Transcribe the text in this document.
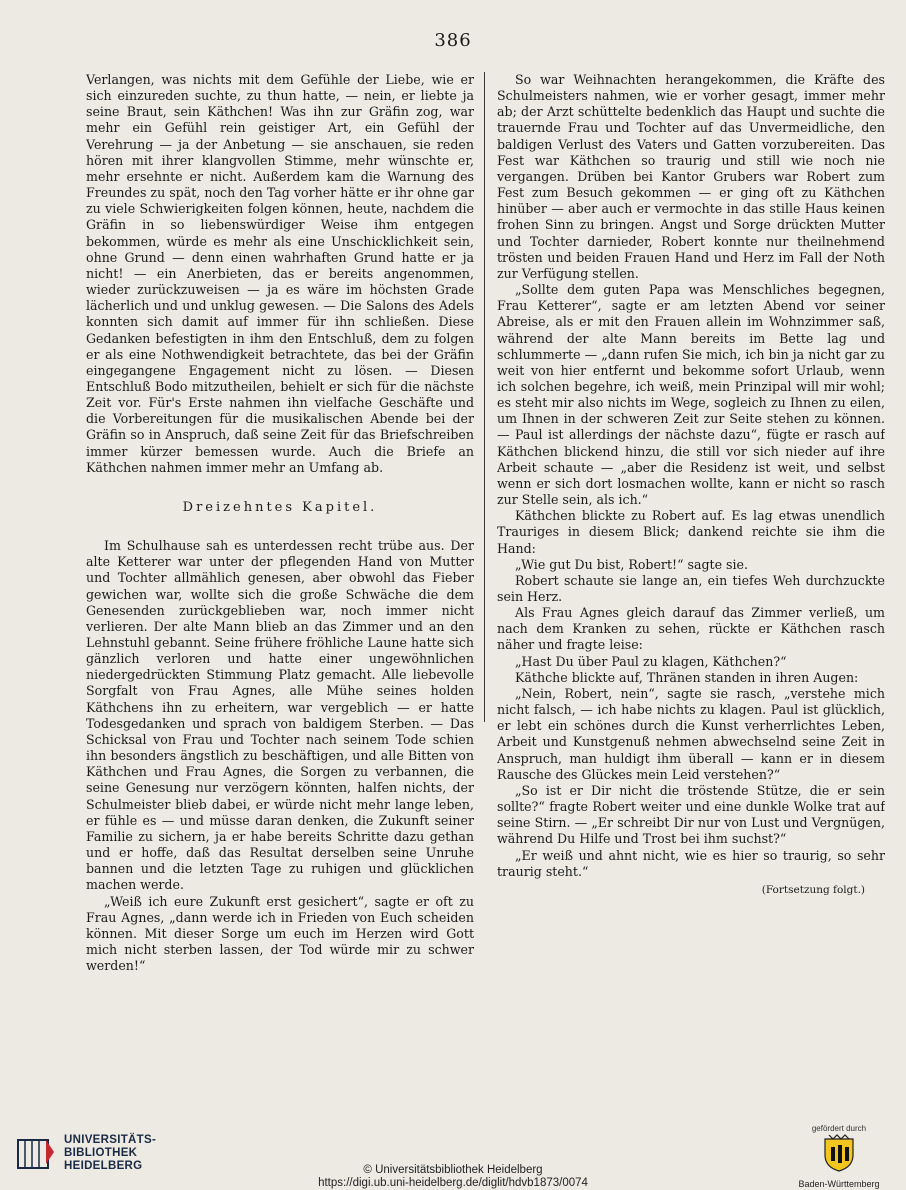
386

Verlangen, was nichts mit dem Gefühle der Liebe, wie er sich einzureden suchte, zu thun hatte, — nein, er liebte ja seine Braut, sein Käthchen! Was ihn zur Gräfin zog, war mehr ein Gefühl rein geistiger Art, ein Gefühl der Verehrung — ja der Anbetung — sie anschauen, sie reden hören mit ihrer klangvollen Stimme, mehr wünschte er, mehr ersehnte er nicht. Außerdem kam die Warnung des Freundes zu spät, noch den Tag vorher hätte er ihr ohne gar zu viele Schwierigkeiten folgen können, heute, nachdem die Gräfin in so liebenswürdiger Weise ihm entgegen bekommen, würde es mehr als eine Unschicklichkeit sein, ohne Grund — denn einen wahrhaften Grund hatte er ja nicht! — ein Anerbieten, das er bereits angenommen, wieder zurückzuweisen — ja es wäre im höchsten Grade lächerlich und und unklug gewesen. — Die Salons des Adels konnten sich damit auf immer für ihn schließen. Diese Gedanken befestigten in ihm den Entschluß, dem zu folgen er als eine Nothwendigkeit betrachtete, das bei der Gräfin eingegangene Engagement nicht zu lösen. — Diesen Entschluß Bodo mitzutheilen, behielt er sich für die nächste Zeit vor. Für's Erste nahmen ihn vielfache Geschäfte und die Vorbereitungen für die musikalischen Abende bei der Gräfin so in Anspruch, daß seine Zeit für das Briefschreiben immer kürzer bemessen wurde. Auch die Briefe an Käthchen nahmen immer mehr an Umfang ab.

Dreizehntes Kapitel.

Im Schulhause sah es unterdessen recht trübe aus. Der alte Ketterer war unter der pflegenden Hand von Mutter und Tochter allmählich genesen, aber obwohl das Fieber gewichen war, wollte sich die große Schwäche die dem Genesenden zurückgeblieben war, noch immer nicht verlieren. Der alte Mann blieb an das Zimmer und an den Lehnstuhl gebannt. Seine frühere fröhliche Laune hatte sich gänzlich verloren und hatte einer ungewöhnlichen niedergedrückten Stimmung Platz gemacht. Alle liebevolle Sorgfalt von Frau Agnes, alle Mühe seines holden Käthchens ihn zu erheitern, war vergeblich — er hatte Todesgedanken und sprach von baldigem Sterben. — Das Schicksal von Frau und Tochter nach seinem Tode schien ihn besonders ängstlich zu beschäftigen, und alle Bitten von Käthchen und Frau Agnes, die Sorgen zu verbannen, die seine Genesung nur verzögern könnten, halfen nichts, der Schulmeister blieb dabei, er würde nicht mehr lange leben, er fühle es — und müsse daran denken, die Zukunft seiner Familie zu sichern, ja er habe bereits Schritte dazu gethan und er hoffe, daß das Resultat derselben seine Unruhe bannen und die letzten Tage zu ruhigen und glücklichen machen werde.

„Weiß ich eure Zukunft erst gesichert“, sagte er oft zu Frau Agnes, „dann werde ich in Frieden von Euch scheiden können. Mit dieser Sorge um euch im Herzen wird Gott mich nicht sterben lassen, der Tod würde mir zu schwer werden!“

So war Weihnachten herangekommen, die Kräfte des Schulmeisters nahmen, wie er vorher gesagt, immer mehr ab; der Arzt schüttelte bedenklich das Haupt und suchte die trauernde Frau und Tochter auf das Unvermeidliche, den baldigen Verlust des Vaters und Gatten vorzubereiten. Das Fest war Käthchen so traurig und still wie noch nie vergangen. Drüben bei Kantor Grubers war Robert zum Fest zum Besuch gekommen — er ging oft zu Käthchen hinüber — aber auch er vermochte in das stille Haus keinen frohen Sinn zu bringen. Angst und Sorge drückten Mutter und Tochter darnieder, Robert konnte nur theilnehmend trösten und beiden Frauen Hand und Herz im Fall der Noth zur Verfügung stellen.

„Sollte dem guten Papa was Menschliches begegnen, Frau Ketterer“, sagte er am letzten Abend vor seiner Abreise, als er mit den Frauen allein im Wohnzimmer saß, während der alte Mann bereits im Bette lag und schlummerte — „dann rufen Sie mich, ich bin ja nicht gar zu weit von hier entfernt und bekomme sofort Urlaub, wenn ich solchen begehre, ich weiß, mein Prinzipal will mir wohl; es steht mir also nichts im Wege, sogleich zu Ihnen zu eilen, um Ihnen in der schweren Zeit zur Seite stehen zu können. — Paul ist allerdings der nächste dazu“, fügte er rasch auf Käthchen blickend hinzu, die still vor sich nieder auf ihre Arbeit schaute — „aber die Residenz ist weit, und selbst wenn er sich dort losmachen wollte, kann er nicht so rasch zur Stelle sein, als ich.“

Käthchen blickte zu Robert auf. Es lag etwas unendlich Trauriges in diesem Blick; dankend reichte sie ihm die Hand:

„Wie gut Du bist, Robert!“ sagte sie.

Robert schaute sie lange an, ein tiefes Weh durchzuckte sein Herz.

Als Frau Agnes gleich darauf das Zimmer verließ, um nach dem Kranken zu sehen, rückte er Käthchen rasch näher und fragte leise:

„Hast Du über Paul zu klagen, Käthchen?“

Käthche blickte auf, Thränen standen in ihren Augen:

„Nein, Robert, nein“, sagte sie rasch, „verstehe mich nicht falsch, — ich habe nichts zu klagen. Paul ist glücklich, er lebt ein schönes durch die Kunst verherrlichtes Leben, Arbeit und Kunstgenuß nehmen abwechselnd seine Zeit in Anspruch, man huldigt ihm überall — kann er in diesem Rausche des Glückes mein Leid verstehen?“

„So ist er Dir nicht die tröstende Stütze, die er sein sollte?“ fragte Robert weiter und eine dunkle Wolke trat auf seine Stirn. — „Er schreibt Dir nur von Lust und Vergnügen, während Du Hilfe und Trost bei ihm suchst?“

„Er weiß und ahnt nicht, wie es hier so traurig, so sehr traurig steht.“

(Fortsetzung folgt.)

UNIVERSITÄTS-
BIBLIOTHEK
HEIDELBERG	© Universitätsbibliothek Heidelberg
https://digi.ub.uni-heidelberg.de/diglit/hdvb1873/0074
gefördert durch
Baden-Württemberg
